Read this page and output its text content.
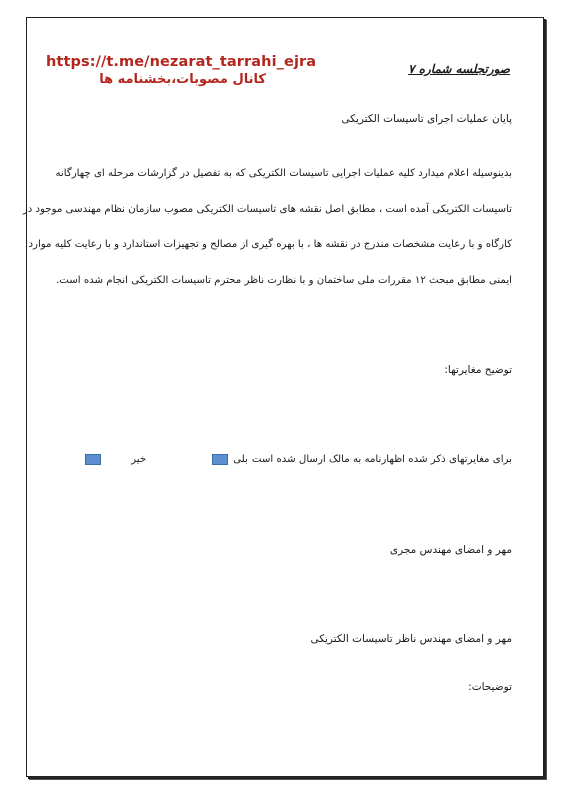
https://t.me/nezarat_tarrahi_ejra
کانال مصوبات،بخشنامه ها
صورتجلسه شماره ۷
پایان عملیات اجرای تاسیسات الکتریکی
بدینوسیله اعلام میدارد کلیه عملیات اجرایی تاسیسات الکتریکی که به تفصیل در گزارشات مرحله ای چهارگانه
تاسیسات الکتریکی آمده است ، مطابق اصل نقشه های تاسیسات الکتریکی مصوب سازمان نظام مهندسی موجود در
کارگاه و با رعایت مشخصات مندرج در نقشه ها ، با بهره گیری از مصالح و تجهیزات استاندارد و با رعایت کلیه موارد
ایمنی مطابق مبحث ۱۲ مقررات ملی ساختمان و با نظارت ناظر محترم تاسیسات الکتریکی انجام شده است.
توضیح مغایرتها:
برای مغایرتهای ذکر شده اظهارنامه به مالک ارسال شده است
بلی
خیر
مهر و امضای مهندس مجری
مهر و امضای مهندس ناظر تاسیسات الکتریکی
توضیحات:
